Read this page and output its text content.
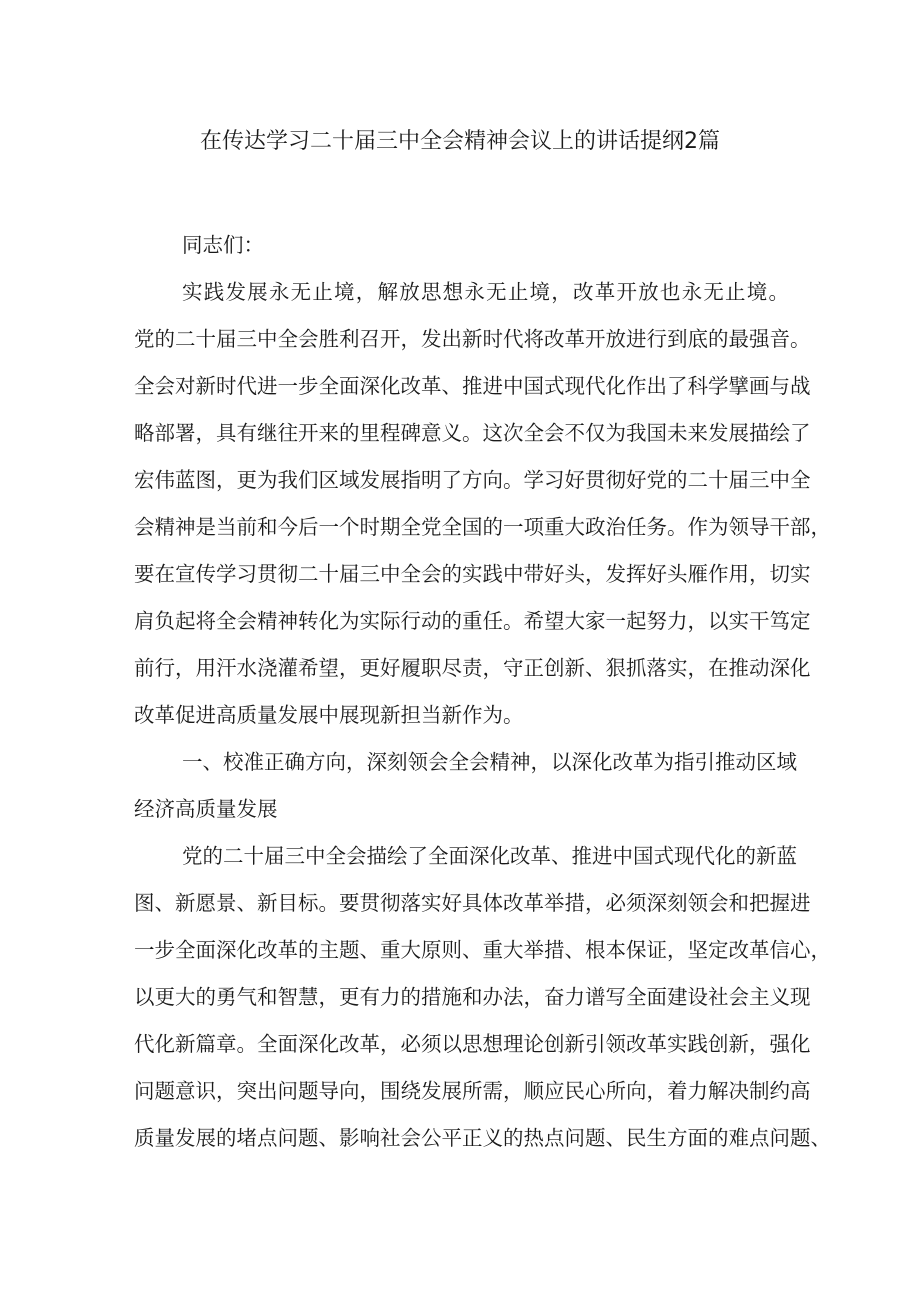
在传达学习二十届三中全会精神会议上的讲话提纲2篇

同志们：

实践发展永无止境，解放思想永无止境，改革开放也永无止境。
党的二十届三中全会胜利召开，发出新时代将改革开放进行到底的最强音。
全会对新时代进一步全面深化改革、推进中国式现代化作出了科学擘画与战
略部署，具有继往开来的里程碑意义。这次全会不仅为我国未来发展描绘了
宏伟蓝图，更为我们区域发展指明了方向。学习好贯彻好党的二十届三中全
会精神是当前和今后一个时期全党全国的一项重大政治任务。作为领导干部，
要在宣传学习贯彻二十届三中全会的实践中带好头，发挥好头雁作用，切实
肩负起将全会精神转化为实际行动的重任。希望大家一起努力，以实干笃定
前行，用汗水浇灌希望，更好履职尽责，守正创新、狠抓落实，在推动深化
改革促进高质量发展中展现新担当新作为。

一、校准正确方向，深刻领会全会精神，以深化改革为指引推动区域
经济高质量发展

党的二十届三中全会描绘了全面深化改革、推进中国式现代化的新蓝
图、新愿景、新目标。要贯彻落实好具体改革举措，必须深刻领会和把握进
一步全面深化改革的主题、重大原则、重大举措、根本保证，坚定改革信心，
以更大的勇气和智慧，更有力的措施和办法，奋力谱写全面建设社会主义现
代化新篇章。全面深化改革，必须以思想理论创新引领改革实践创新，强化
问题意识，突出问题导向，围绕发展所需，顺应民心所向，着力解决制约高
质量发展的堵点问题、影响社会公平正义的热点问题、民生方面的难点问题、
